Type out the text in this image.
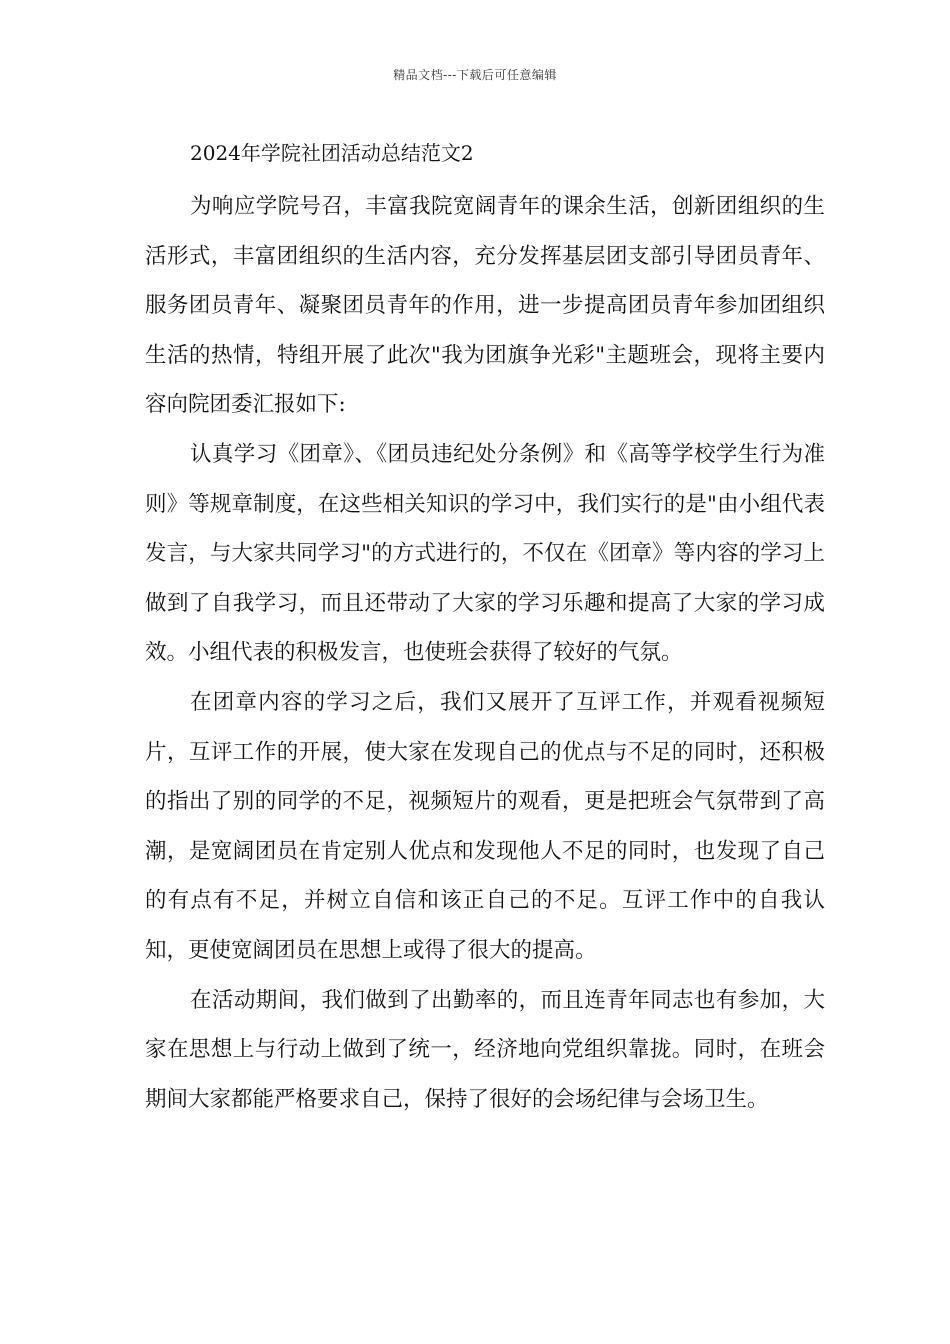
精品文档---下载后可任意编辑
2024年学院社团活动总结范文2

为响应学院号召，丰富我院宽阔青年的课余生活，创新团组织的生活形式，丰富团组织的生活内容，充分发挥基层团支部引导团员青年、服务团员青年、凝聚团员青年的作用，进一步提高团员青年参加团组织生活的热情，特组开展了此次"我为团旗争光彩"主题班会，现将主要内容向院团委汇报如下:

认真学习《团章》、《团员违纪处分条例》和《高等学校学生行为准则》等规章制度，在这些相关知识的学习中，我们实行的是"由小组代表发言，与大家共同学习"的方式进行的，不仅在《团章》等内容的学习上做到了自我学习，而且还带动了大家的学习乐趣和提高了大家的学习成效。小组代表的积极发言，也使班会获得了较好的气氛。

在团章内容的学习之后，我们又展开了互评工作，并观看视频短片，互评工作的开展，使大家在发现自己的优点与不足的同时，还积极的指出了别的同学的不足，视频短片的观看，更是把班会气氛带到了高潮，是宽阔团员在肯定别人优点和发现他人不足的同时，也发现了自己的有点有不足，并树立自信和该正自己的不足。互评工作中的自我认知，更使宽阔团员在思想上或得了很大的提高。

在活动期间，我们做到了出勤率的，而且连青年同志也有参加，大家在思想上与行动上做到了统一，经济地向党组织靠拢。同时，在班会期间大家都能严格要求自己，保持了很好的会场纪律与会场卫生。
